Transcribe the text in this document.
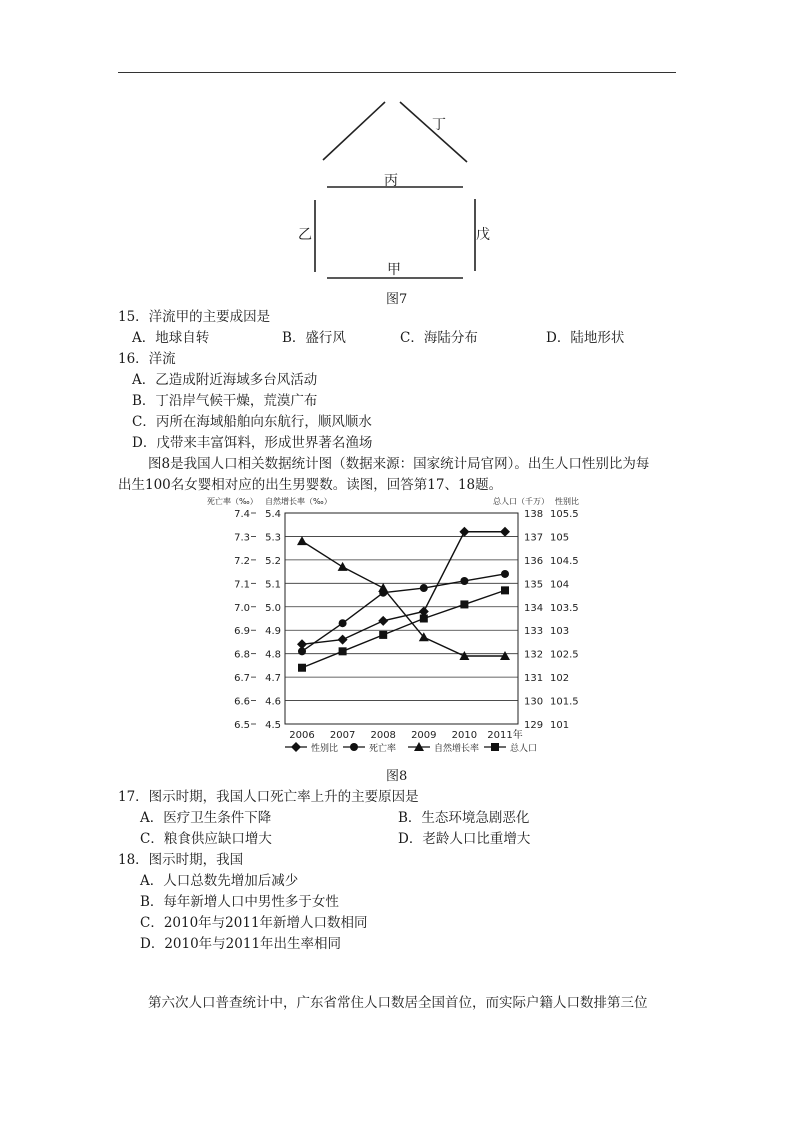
丁
丙
乙	戊
甲
图7
15．洋流甲的主要成因是
A．地球自转	B．盛行风	C．海陆分布	D．陆地形状
16．洋流
A．乙造成附近海域多台风活动
B．丁沿岸气候干燥，荒漠广布
C．丙所在海域船舶向东航行，顺风顺水
D．戊带来丰富饵料，形成世界著名渔场
图8是我国人口相关数据统计图（数据来源：国家统计局官网）。出生人口性别比为每
出生100名女婴相对应的出生男婴数。读图，回答第17、18题。
7.4 5.4	138 105.5
7.3 5.3	137 105
7.2 5.2	136 104.5
7.1 5.1	135 104
7.0 5.0	134 103.5
6.9 4.9	133 103
6.8 4.8	132 102.5
6.7 4.7	131 102
6.6 4.6	130 101.5
6.5 4.5	129 101
死亡率（‰） 自然增长率（‰）	总人口（千万） 性别比
2006 2007 2008 2009 2010 2011年
性别比	死亡率	自然增长率	总人口
图8
17．图示时期，我国人口死亡率上升的主要原因是
A．医疗卫生条件下降	B．生态环境急剧恶化
C．粮食供应缺口增大	D．老龄人口比重增大
18．图示时期，我国
A．人口总数先增加后减少
B．每年新增人口中男性多于女性
C．2010年与2011年新增人口数相同
D．2010年与2011年出生率相同
第六次人口普查统计中，广东省常住人口数居全国首位，而实际户籍人口数排第三位
